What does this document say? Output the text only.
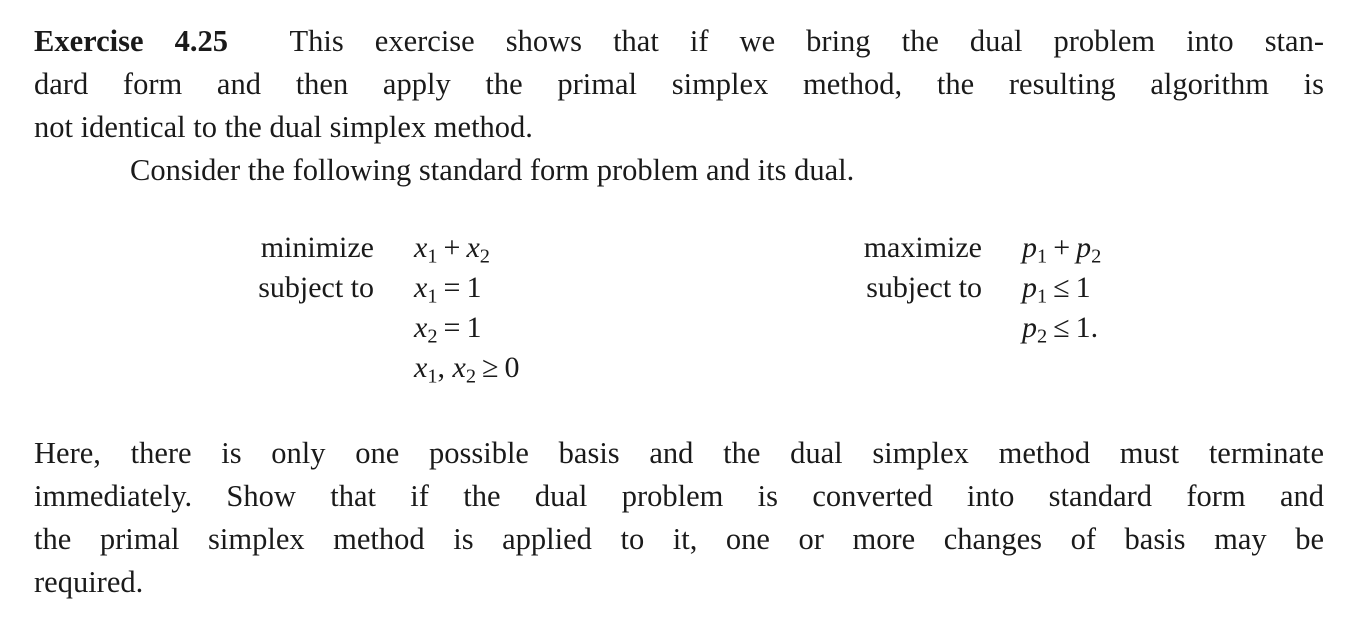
Exercise 4.25 This exercise shows that if we bring the dual problem into stan-
dard form and then apply the primal simplex method, the resulting algorithm is
not identical to the dual simplex method.
Consider the following standard form problem and its dual.
minimize
subject to
$x_1 + x_2$
$x_1 = 1$
$x_2 = 1$
$x_1$, $x_2 \ge 0$
maximize
subject to
$p_1 + p_2$
$p_1 \le 1$
$p_2 \le 1$.
Here, there is only one possible basis and the dual simplex method must terminate
immediately. Show that if the dual problem is converted into standard form and
the primal simplex method is applied to it, one or more changes of basis may be
required.
